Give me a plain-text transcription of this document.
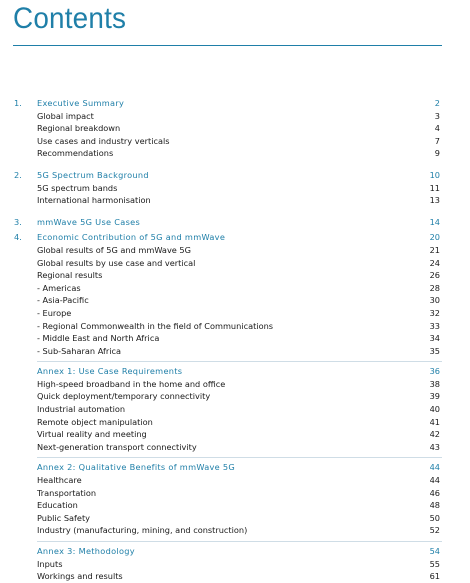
Contents
1. Executive Summary	2
Global impact	3
Regional breakdown	4
Use cases and industry verticals	7
Recommendations	9
2. 5G Spectrum Background	10
5G spectrum bands	11
International harmonisation	13
3. mmWave 5G Use Cases	14
4. Economic Contribution of 5G and mmWave	20
Global results of 5G and mmWave 5G	21
Global results by use case and vertical	24
Regional results	26
- Americas	28
- Asia-Pacific	30
- Europe	32
- Regional Commonwealth in the field of Communications	33
- Middle East and North Africa	34
- Sub-Saharan Africa	35
Annex 1: Use Case Requirements	36
High-speed broadband in the home and office	38
Quick deployment/temporary connectivity	39
Industrial automation	40
Remote object manipulation	41
Virtual reality and meeting	42
Next-generation transport connectivity	43
Annex 2: Qualitative Benefits of mmWave 5G	44
Healthcare	44
Transportation	46
Education	48
Public Safety	50
Industry (manufacturing, mining, and construction)	52
Annex 3: Methodology	54
Inputs	55
Workings and results	61
